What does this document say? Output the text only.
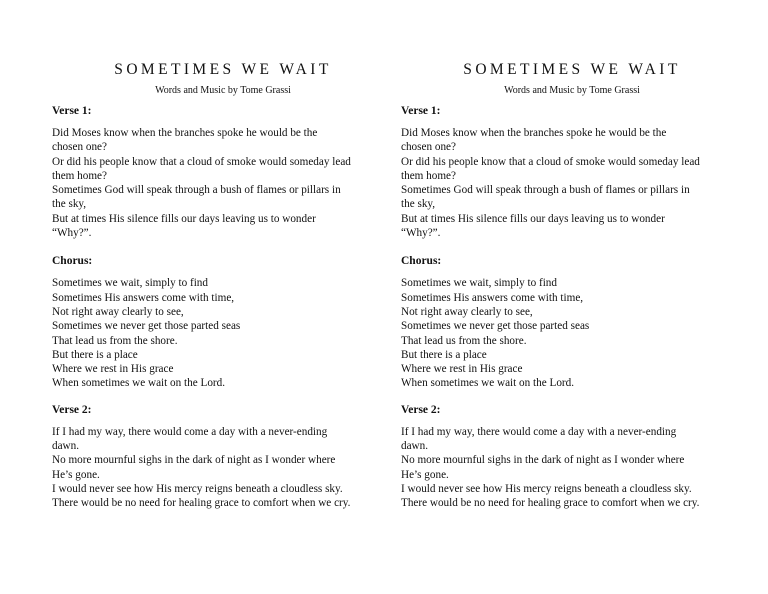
SOMETIMES WE WAIT

Words and Music by Tome Grassi

Verse 1:

Did Moses know when the branches spoke he would be the
chosen one?
Or did his people know that a cloud of smoke would someday lead
them home?
Sometimes God will speak through a bush of flames or pillars in
the sky,
But at times His silence fills our days leaving us to wonder
“Why?”.

Chorus:

Sometimes we wait, simply to find
Sometimes His answers come with time,
Not right away clearly to see,
Sometimes we never get those parted seas
That lead us from the shore.
But there is a place
Where we rest in His grace
When sometimes we wait on the Lord.

Verse 2:

If I had my way, there would come a day with a never-ending
dawn.
No more mournful sighs in the dark of night as I wonder where
He’s gone.
I would never see how His mercy reigns beneath a cloudless sky.
There would be no need for healing grace to comfort when we cry.
SOMETIMES WE WAIT

Words and Music by Tome Grassi

Verse 1:

Did Moses know when the branches spoke he would be the
chosen one?
Or did his people know that a cloud of smoke would someday lead
them home?
Sometimes God will speak through a bush of flames or pillars in
the sky,
But at times His silence fills our days leaving us to wonder
“Why?”.

Chorus:

Sometimes we wait, simply to find
Sometimes His answers come with time,
Not right away clearly to see,
Sometimes we never get those parted seas
That lead us from the shore.
But there is a place
Where we rest in His grace
When sometimes we wait on the Lord.

Verse 2:

If I had my way, there would come a day with a never-ending
dawn.
No more mournful sighs in the dark of night as I wonder where
He’s gone.
I would never see how His mercy reigns beneath a cloudless sky.
There would be no need for healing grace to comfort when we cry.
